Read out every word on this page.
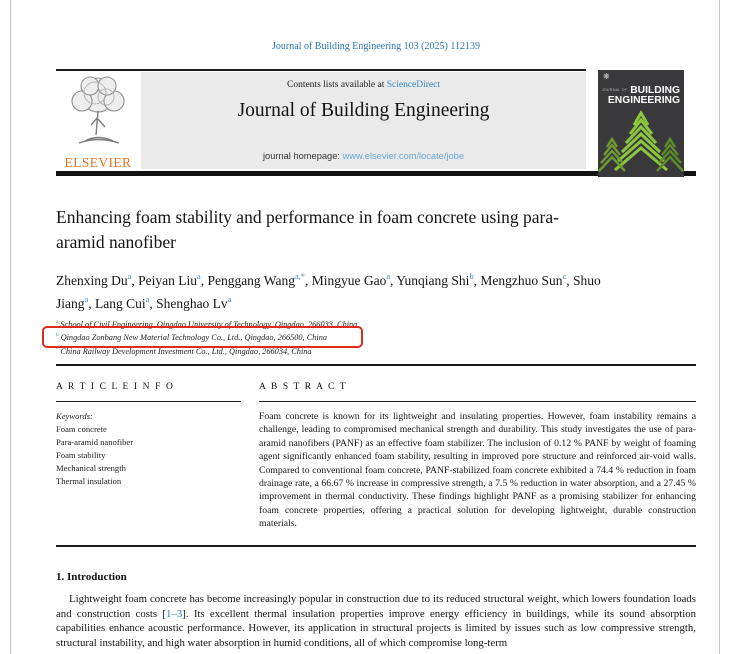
Journal of Building Engineering 103 (2025) 112139
ELSEVIER
Contents lists available at ScienceDirect
Journal of Building Engineering
journal homepage: www.elsevier.com/locate/jobe
❋
JOURNAL OF BUILDING
ENGINEERING
Enhancing foam stability and performance in foam concrete using para-aramid nanofiber
Zhenxing Du$^a$, Peiyan Liu$^a$, Penggang Wang$^{a,*}$, Mingyue Gao$^a$, Yunqiang Shi$^b$, Mengzhuo Sun$^c$, Shuo Jiang$^a$, Lang Cui$^a$, Shenghao Lv$^a$
$^a$ School of Civil Engineering, Qingdao University of Technology, Qingdao, 266033, China
$^b$ Qingdao Zonbang New Material Technology Co., Ltd., Qingdao, 266500, China
$^c$ China Railway Development Investment Co., Ltd., Qingdao, 266034, China
A R T I C L E I N F O	A B S T R A C T
Keywords:
Foam concrete
Para-aramid nanofiber
Foam stability
Mechanical strength
Thermal insulation
Foam concrete is known for its lightweight and insulating properties. However, foam instability remains a challenge, leading to compromised mechanical strength and durability. This study investigates the use of para-aramid nanofibers (PANF) as an effective foam stabilizer. The inclusion of 0.12 % PANF by weight of foaming agent significantly enhanced foam stability, resulting in improved pore structure and reinforced air-void walls. Compared to conventional foam concrete, PANF-stabilized foam concrete exhibited a 74.4 % reduction in foam drainage rate, a 66.67 % increase in compressive strength, a 7.5 % reduction in water absorption, and a 27.45 % improvement in thermal conductivity. These findings highlight PANF as a promising stabilizer for enhancing foam concrete properties, offering a practical solution for developing lightweight, durable construction materials.
1. Introduction

Lightweight foam concrete has become increasingly popular in construction due to its reduced structural weight, which lowers foundation loads and construction costs [1–3]. Its excellent thermal insulation properties improve energy efficiency in buildings, while its sound absorption capabilities enhance acoustic performance. However, its application in structural projects is limited by issues such as low compressive strength, structural instability, and high water absorption in humid conditions, all of which compromise long-term
